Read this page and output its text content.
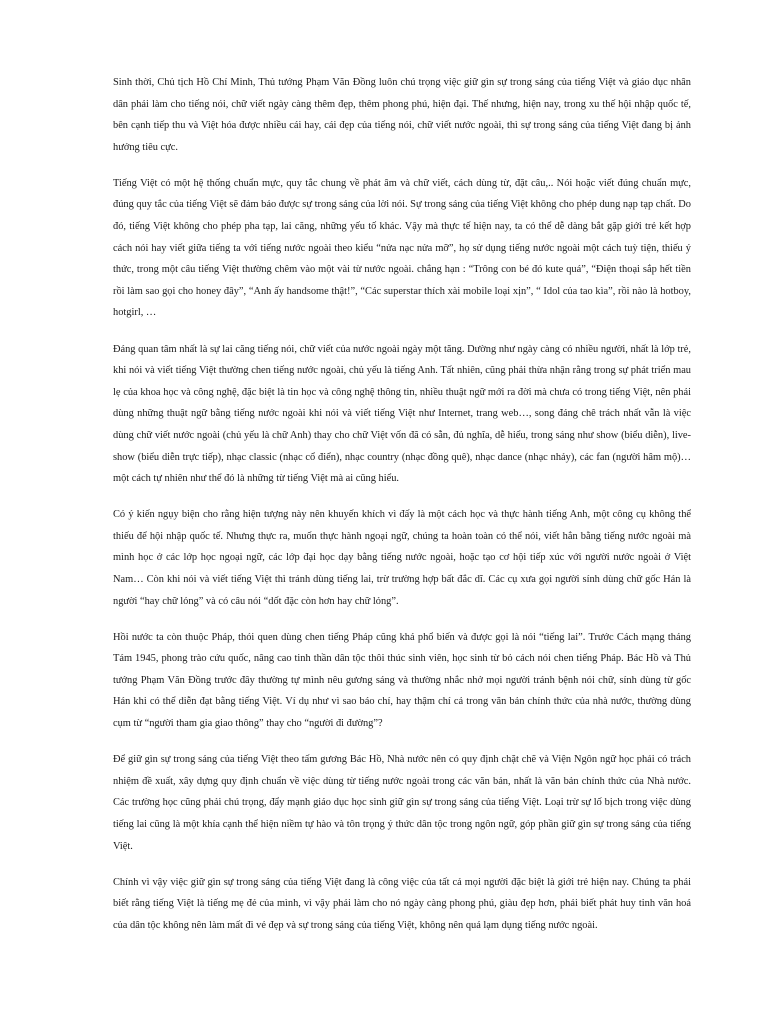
Sinh thời, Chủ tịch Hồ Chí Minh, Thủ tướng Phạm Văn Đồng luôn chú trọng việc giữ gìn sự trong sáng của tiếng Việt và giáo dục nhân dân phải làm cho tiếng nói, chữ viết ngày càng thêm đẹp, thêm phong phú, hiện đại. Thế nhưng, hiện nay, trong xu thế hội nhập quốc tế, bên cạnh tiếp thu và Việt hóa được nhiều cái hay, cái đẹp của tiếng nói, chữ viết nước ngoài, thì sự trong sáng của tiếng Việt đang bị ảnh hưởng tiêu cực.

Tiếng Việt có một hệ thống chuẩn mực, quy tắc chung về phát âm và chữ viết, cách dùng từ, đặt câu,.. Nói hoặc viết đúng chuẩn mực, đúng quy tắc của tiếng Việt sẽ đảm bảo được sự trong sáng của lời nói. Sự trong sáng của tiếng Việt không cho phép dung nạp tạp chất. Do đó, tiếng Việt không cho phép pha tạp, lai căng, những yếu tố khác. Vậy mà thực tế hiện nay, ta có thể dễ dàng bắt gặp giới trẻ kết hợp cách nói hay viết giữa tiếng ta với tiếng nước ngoài theo kiểu “nửa nạc nửa mỡ”, họ sử dụng tiếng nước ngoài một cách tuỳ tiện, thiếu ý thức, trong một câu tiếng Việt thường chêm vào một vài từ nước ngoài. chẳng hạn : “Trông con bé đó kute quá”, “Điện thoại sắp hết tiền rồi làm sao gọi cho honey đây”, “Anh ấy handsome thật!”, “Các superstar thích xài mobile loại xịn”, “ Idol của tao kìa”, rồi nào là hotboy, hotgirl, …

Đáng quan tâm nhất là sự lai căng tiếng nói, chữ viết của nước ngoài ngày một tăng. Dường như ngày càng có nhiều người, nhất là lớp trẻ, khi nói và viết tiếng Việt thường chen tiếng nước ngoài, chủ yếu là tiếng Anh. Tất nhiên, cũng phải thừa nhận rằng trong sự phát triển mau lẹ của khoa học và công nghệ, đặc biệt là tin học và công nghệ thông tin, nhiều thuật ngữ mới ra đời mà chưa có trong tiếng Việt, nên phải dùng những thuật ngữ bằng tiếng nước ngoài khi nói và viết tiếng Việt như Internet, trang web…, song đáng chê trách nhất vẫn là việc dùng chữ viết nước ngoài (chủ yếu là chữ Anh) thay cho chữ Việt vốn đã có sẵn, đủ nghĩa, dễ hiểu, trong sáng như show (biểu diễn), live-show (biểu diễn trực tiếp), nhạc classic (nhạc cổ điển), nhạc country (nhạc đồng quê), nhạc dance (nhạc nhảy), các fan (người hâm mộ)… một cách tự nhiên như thể đó là những từ tiếng Việt mà ai cũng hiểu.

Có ý kiến ngụy biện cho rằng hiện tượng này nên khuyến khích vì đấy là một cách học và thực hành tiếng Anh, một công cụ không thể thiếu để hội nhập quốc tế. Nhưng thực ra, muốn thực hành ngoại ngữ, chúng ta hoàn toàn có thể nói, viết hẳn bằng tiếng nước ngoài mà mình học ở các lớp học ngoại ngữ, các lớp đại học dạy bằng tiếng nước ngoài, hoặc tạo cơ hội tiếp xúc với người nước ngoài ở Việt Nam… Còn khi nói và viết tiếng Việt thì tránh dùng tiếng lai, trừ trường hợp bất đắc dĩ. Các cụ xưa gọi người sính dùng chữ gốc Hán là người “hay chữ lỏng” và có câu nói “dốt đặc còn hơn hay chữ lỏng”.

Hồi nước ta còn thuộc Pháp, thói quen dùng chen tiếng Pháp cũng khá phổ biến và được gọi là nói “tiếng lai”. Trước Cách mạng tháng Tám 1945, phong trào cứu quốc, nâng cao tinh thần dân tộc thôi thúc sinh viên, học sinh từ bỏ cách nói chen tiếng Pháp. Bác Hồ và Thủ tướng Phạm Văn Đồng trước đây thường tự mình nêu gương sáng và thường nhắc nhở mọi người tránh bệnh nói chữ, sính dùng từ gốc Hán khi có thể diễn đạt bằng tiếng Việt. Ví dụ như vì sao báo chí, hay thậm chí cả trong văn bản chính thức của nhà nước, thường dùng cụm từ “người tham gia giao thông” thay cho “người đi đường”?

Để giữ gìn sự trong sáng của tiếng Việt theo tấm gương Bác Hồ, Nhà nước nên có quy định chặt chẽ và Viện Ngôn ngữ học phải có trách nhiệm đề xuất, xây dựng quy định chuẩn về việc dùng từ tiếng nước ngoài trong các văn bản, nhất là văn bản chính thức của Nhà nước. Các trường học cũng phải chú trọng, đẩy mạnh giáo dục học sinh giữ gìn sự trong sáng của tiếng Việt. Loại trừ sự lố bịch trong việc dùng tiếng lai cũng là một khía cạnh thể hiện niềm tự hào và tôn trọng ý thức dân tộc trong ngôn ngữ, góp phần giữ gìn sự trong sáng của tiếng Việt.

Chính vì vậy việc giữ gìn sự trong sáng của tiếng Việt đang là công việc của tất cả mọi người đặc biệt là giới trẻ hiện nay. Chúng ta phải biết rằng tiếng Việt là tiếng mẹ đẻ của mình, vì vậy phải làm cho nó ngày càng phong phú, giàu đẹp hơn, phải biết phát huy tinh văn hoá của dân tộc không nên làm mất đi vẻ đẹp và sự trong sáng của tiếng Việt, không nên quá lạm dụng tiếng nước ngoài.
